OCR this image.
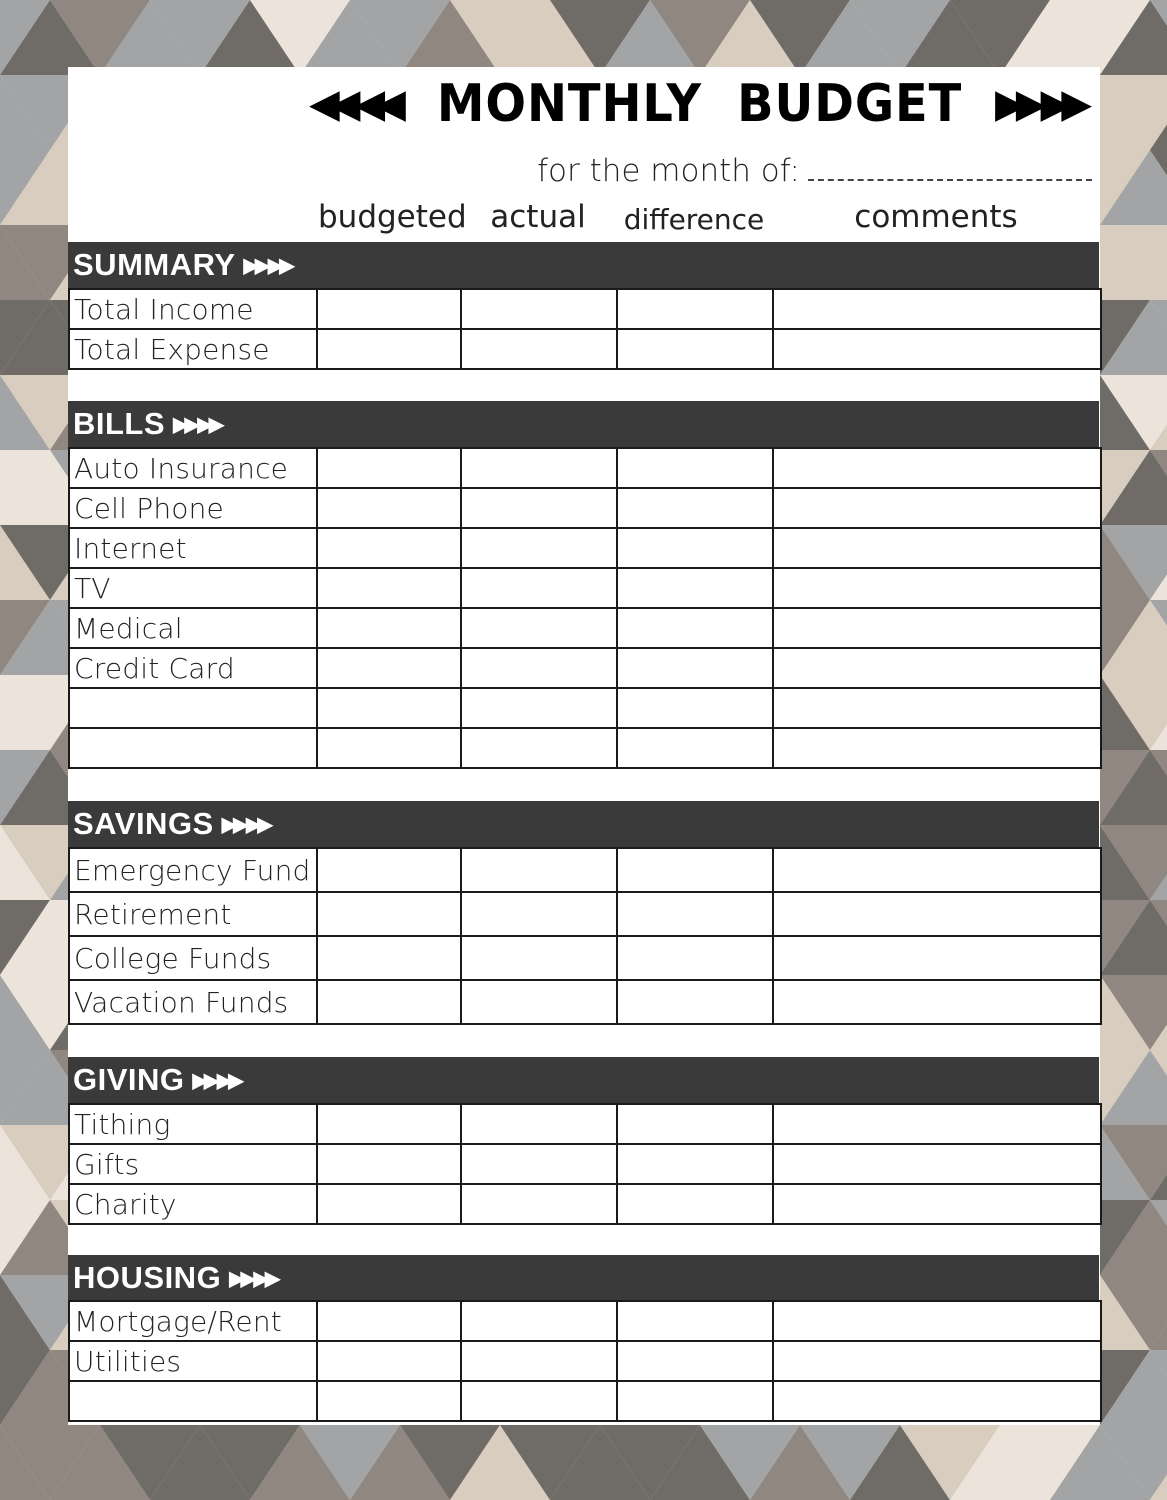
◀◀ ◀◀ MONTHLY  BUDGET ▶▶ ▶▶
for the month of:
budgeted actual	difference	comments
SUMMARY ▶▶ ▶▶
Total Income				
Total Expense				
BILLS ▶▶ ▶▶
Auto Insurance				
Cell Phone				
Internet				
TV				
Medical				
Credit Card				

SAVINGS ▶▶ ▶▶
Emergency Fund				
Retirement				
College Funds				
Vacation Funds				
GIVING ▶▶ ▶▶
Tithing				
Gifts				
Charity				
HOUSING ▶▶ ▶▶
Mortgage/Rent				
Utilities				
